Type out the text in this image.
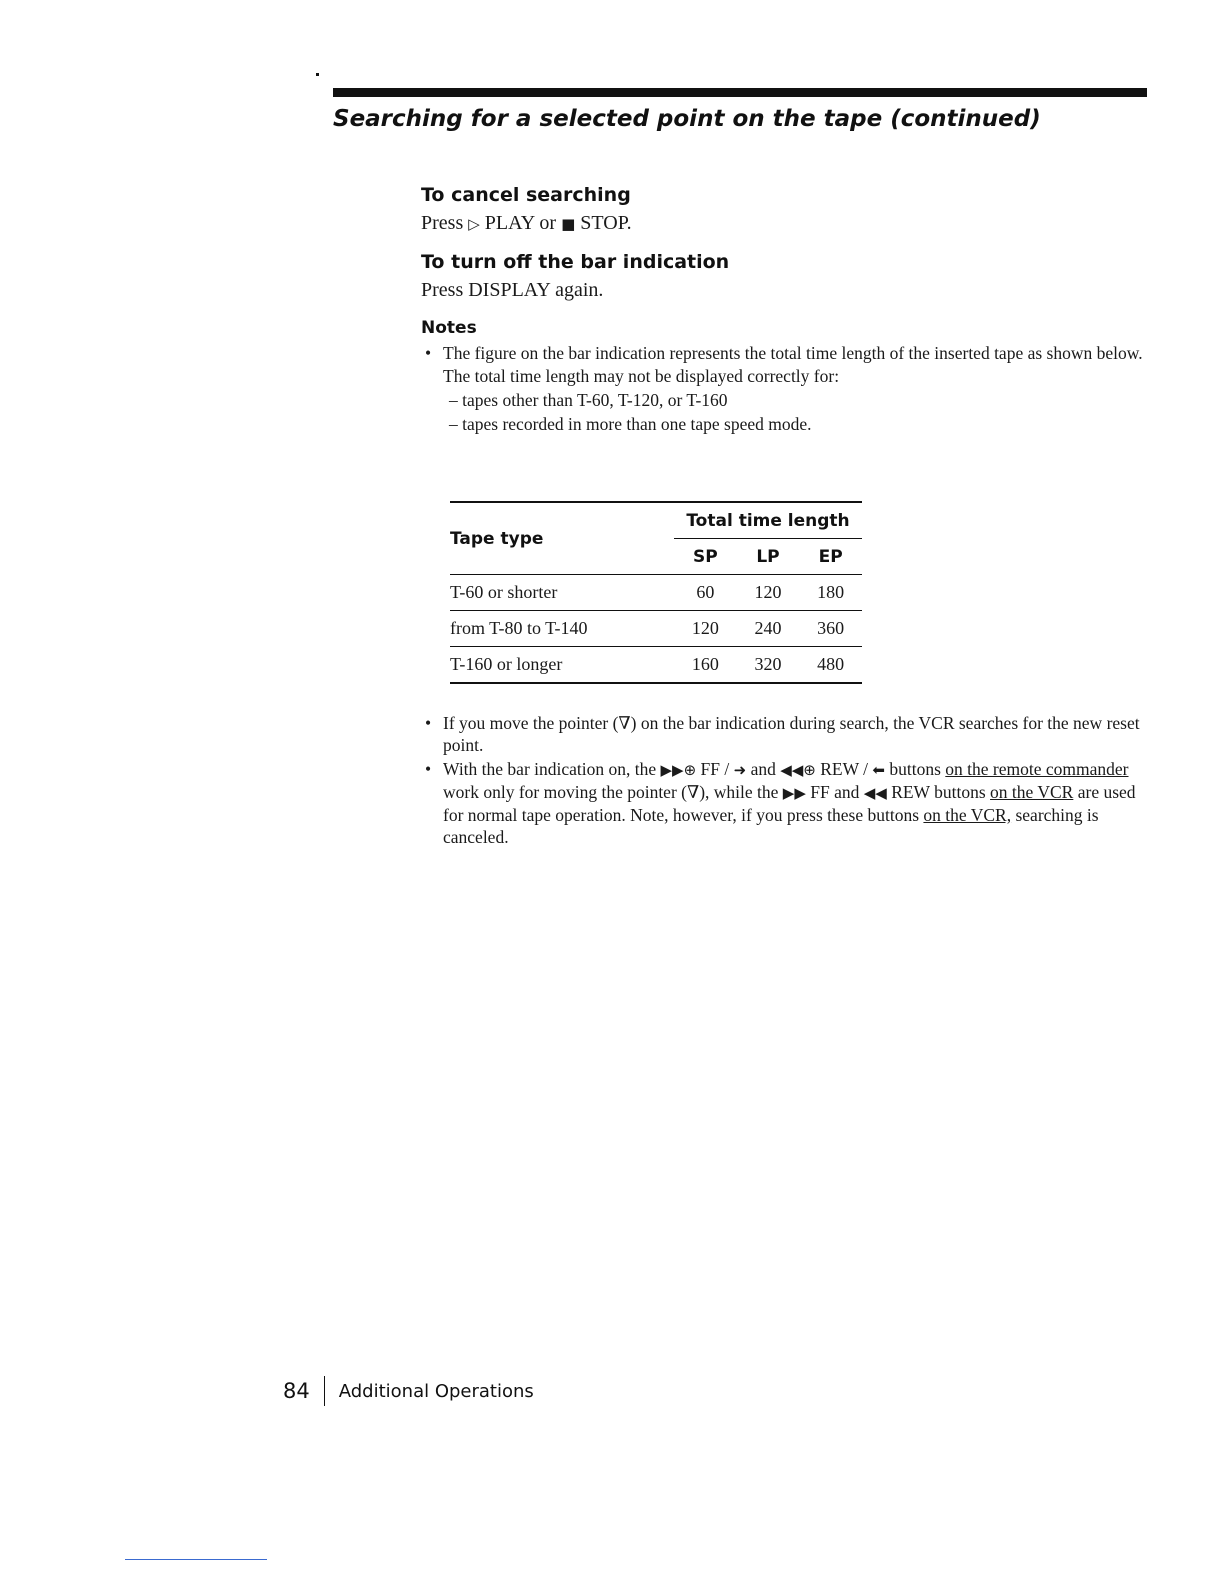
Searching for a selected point on the tape (continued)

To cancel searching

Press ▷ PLAY or ■ STOP.

To turn off the bar indication

Press DISPLAY again.

Notes

• The figure on the bar indication represents the total time length of the inserted tape as shown below.
The total time length may not be displayed correctly for:
– tapes other than T-60, T-120, or T-160
– tapes recorded in more than one tape speed mode.
Tape type	Total time length		
	SP	LP	EP
T-60 or shorter	60	120	180
from T-80 to T-140	120	240	360
T-160 or longer	160	320	480
• If you move the pointer (∇) on the bar indication during search, the VCR searches for the new reset point.
• With the bar indication on, the ▶▶⊕ FF / ➜ and ◀◀⊕ REW / ⬅ buttons on the remote commander work only for moving the pointer (∇), while the ▶▶ FF and ◀◀ REW buttons on the VCR are used for normal tape operation. Note, however, if you press these buttons on the VCR, searching is canceled.
84 Additional Operations
